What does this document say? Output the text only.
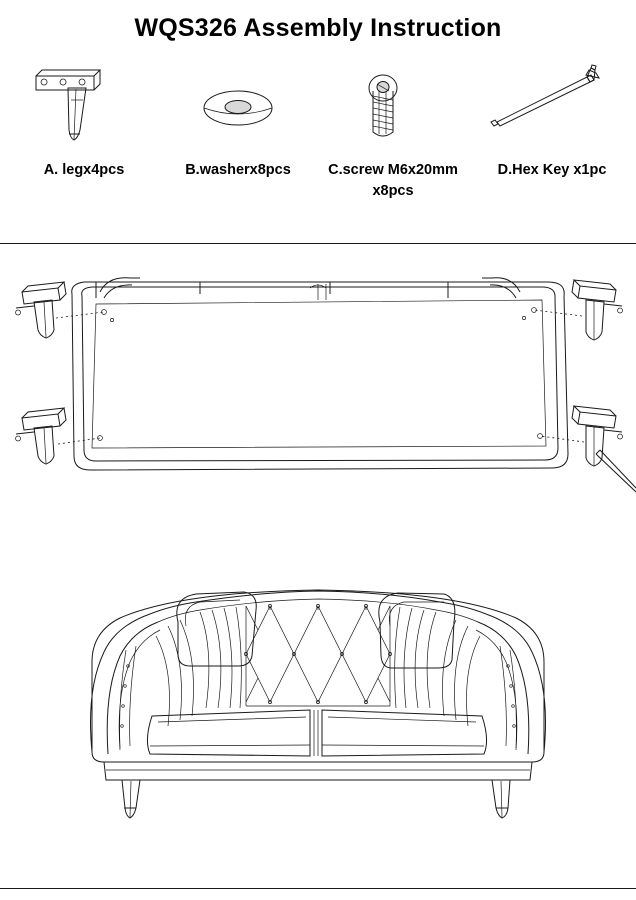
WQS326 Assembly Instruction
A. legx4pcs	B.washerx8pcs	C.screw M6x20mm
x8pcs
D.Hex Key x1pc
